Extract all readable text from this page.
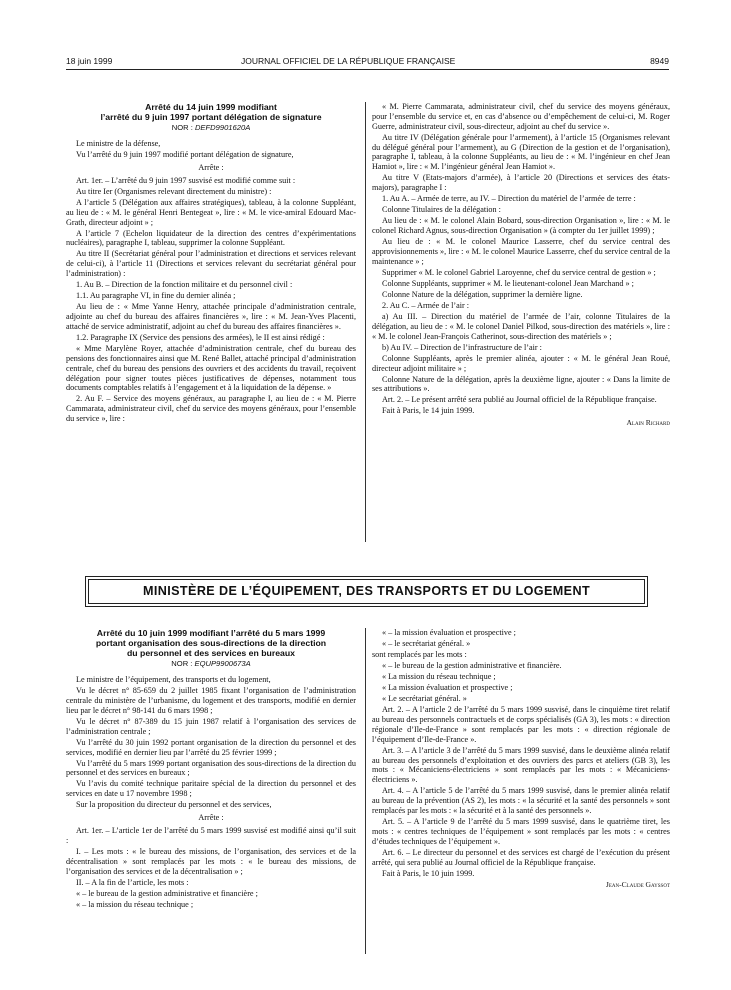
18 juin 1999	JOURNAL OFFICIEL DE LA RÉPUBLIQUE FRANÇAISE	8949
Arrêté du 14 juin 1999 modifiant
l’arrêté du 9 juin 1997 portant délégation de signature
NOR : DEFD9901620A

Le ministre de la défense,

Vu l’arrêté du 9 juin 1997 modifié portant délégation de signature,

Arrête :

Art. 1er. – L’arrêté du 9 juin 1997 susvisé est modifié comme suit :

Au titre Ier (Organismes relevant directement du ministre) :

A l’article 5 (Délégation aux affaires stratégiques), tableau, à la colonne Suppléant, au lieu de : « M. le général Henri Bentegeat », lire : « M. le vice-amiral Edouard Mac-Grath, directeur adjoint » ;

A l’article 7 (Echelon liquidateur de la direction des centres d’expérimentations nucléaires), paragraphe I, tableau, supprimer la colonne Suppléant.

Au titre II (Secrétariat général pour l’administration et directions et services relevant de celui-ci), à l’article 11 (Directions et services relevant du secrétariat général pour l’administration) :

1. Au B. – Direction de la fonction militaire et du personnel civil :

1.1. Au paragraphe VI, in fine du dernier alinéa ;

Au lieu de : « Mme Yanne Henry, attachée principale d’administration centrale, adjointe au chef du bureau des affaires financières », lire : « M. Jean-Yves Placenti, attaché de service administratif, adjoint au chef du bureau des affaires financières ».

1.2. Paragraphe IX (Service des pensions des armées), le II est ainsi rédigé :

« Mme Marylène Royer, attachée d’administration centrale, chef du bureau des pensions des fonctionnaires ainsi que M. René Ballet, attaché principal d’administration centrale, chef du bureau des pensions des ouvriers et des accidents du travail, reçoivent délégation pour signer toutes pièces justificatives de dépenses, notamment tous documents comptables relatifs à l’engagement et à la liquidation de la dépense. »

2. Au F. – Service des moyens généraux, au paragraphe I, au lieu de : « M. Pierre Cammarata, administrateur civil, chef du service des moyens généraux, pour l’ensemble du service », lire :

« M. Pierre Cammarata, administrateur civil, chef du service des moyens généraux, pour l’ensemble du service et, en cas d’absence ou d’empêchement de celui-ci, M. Roger Guerre, administrateur civil, sous-directeur, adjoint au chef du service ».

Au titre IV (Délégation générale pour l’armement), à l’article 15 (Organismes relevant du délégué général pour l’armement), au G (Direction de la gestion et de l’organisation), paragraphe I, tableau, à la colonne Suppléants, au lieu de : « M. l’ingénieur en chef Jean Hamiot », lire : « M. l’ingénieur général Jean Hamiot ».

Au titre V (Etats-majors d’armée), à l’article 20 (Directions et services des états-majors), paragraphe I :

1. Au A. – Armée de terre, au IV. – Direction du matériel de l’armée de terre :

Colonne Titulaires de la délégation :

Au lieu de : « M. le colonel Alain Bobard, sous-direction Organisation », lire : « M. le colonel Richard Agnus, sous-direction Organisation » (à compter du 1er juillet 1999) ;

Au lieu de : « M. le colonel Maurice Lasserre, chef du service central des approvisionnements », lire : « M. le colonel Maurice Lasserre, chef du service central de la maintenance » ;

Supprimer « M. le colonel Gabriel Laroyenne, chef du service central de gestion » ;

Colonne Suppléants, supprimer « M. le lieutenant-colonel Jean Marchand » ;

Colonne Nature de la délégation, supprimer la dernière ligne.

2. Au C. – Armée de l’air :

a) Au III. – Direction du matériel de l’armée de l’air, colonne Titulaires de la délégation, au lieu de : « M. le colonel Daniel Pilkod, sous-direction des matériels », lire : « M. le colonel Jean-François Catherinot, sous-direction des matériels » ;

b) Au IV. – Direction de l’infrastructure de l’air :

Colonne Suppléants, après le premier alinéa, ajouter : « M. le général Jean Roué, directeur adjoint militaire » ;

Colonne Nature de la délégation, après la deuxième ligne, ajouter : « Dans la limite de ses attributions ».

Art. 2. – Le présent arrêté sera publié au Journal officiel de la République française.

Fait à Paris, le 14 juin 1999.

Alain Richard

MINISTÈRE DE L’ÉQUIPEMENT, DES TRANSPORTS ET DU LOGEMENT
Arrêté du 10 juin 1999 modifiant l’arrêté du 5 mars 1999
portant organisation des sous-directions de la direction
du personnel et des services en bureaux
NOR : EQUP9900673A

Le ministre de l’équipement, des transports et du logement,

Vu le décret n° 85-659 du 2 juillet 1985 fixant l’organisation de l’administration centrale du ministère de l’urbanisme, du logement et des transports, modifié en dernier lieu par le décret n° 98-141 du 6 mars 1998 ;

Vu le décret n° 87-389 du 15 juin 1987 relatif à l’organisation des services de l’administration centrale ;

Vu l’arrêté du 30 juin 1992 portant organisation de la direction du personnel et des services, modifié en dernier lieu par l’arrêté du 25 février 1999 ;

Vu l’arrêté du 5 mars 1999 portant organisation des sous-directions de la direction du personnel et des services en bureaux ;

Vu l’avis du comité technique paritaire spécial de la direction du personnel et des services en date u 17 novembre 1998 ;

Sur la proposition du directeur du personnel et des services,

Arrête :

Art. 1er. – L’article 1er de l’arrêté du 5 mars 1999 susvisé est modifié ainsi qu’il suit :

I. – Les mots : « le bureau des missions, de l’organisation, des services et de la décentralisation » sont remplacés par les mots : « le bureau des missions, de l’organisation des services et de la décentralisation » ;

II. – A la fin de l’article, les mots :

« – le bureau de la gestion administrative et financière ;

« – la mission du réseau technique ;

« – la mission évaluation et prospective ;

« – le secrétariat général. »

sont remplacés par les mots :

« – le bureau de la gestion administrative et financière.

« La mission du réseau technique ;

« La mission évaluation et prospective ;

« Le secrétariat général. »

Art. 2. – A l’article 2 de l’arrêté du 5 mars 1999 susvisé, dans le cinquième tiret relatif au bureau des personnels contractuels et de corps spécialisés (GA 3), les mots : « direction régionale d’Ile-de-France » sont remplacés par les mots : « direction régionale de l’équipement d’Ile-de-France ».

Art. 3. – A l’article 3 de l’arrêté du 5 mars 1999 susvisé, dans le deuxième alinéa relatif au bureau des personnels d’exploitation et des ouvriers des parcs et ateliers (GB 3), les mots : « Mécaniciens-électriciens » sont remplacés par les mots : « Mécaniciens-électriciens ».

Art. 4. – A l’article 5 de l’arrêté du 5 mars 1999 susvisé, dans le premier alinéa relatif au bureau de la prévention (AS 2), les mots : « la sécurité et la santé des personnels » sont remplacés par les mots : « la sécurité et à la santé des personnels ».

Art. 5. – A l’article 9 de l’arrêté du 5 mars 1999 susvisé, dans le quatrième tiret, les mots : « centres techniques de l’équipement » sont remplacés par les mots : « centres d’études techniques de l’équipement ».

Art. 6. – Le directeur du personnel et des services est chargé de l’exécution du présent arrêté, qui sera publié au Journal officiel de la République française.

Fait à Paris, le 10 juin 1999.

Jean-Claude Gayssot
